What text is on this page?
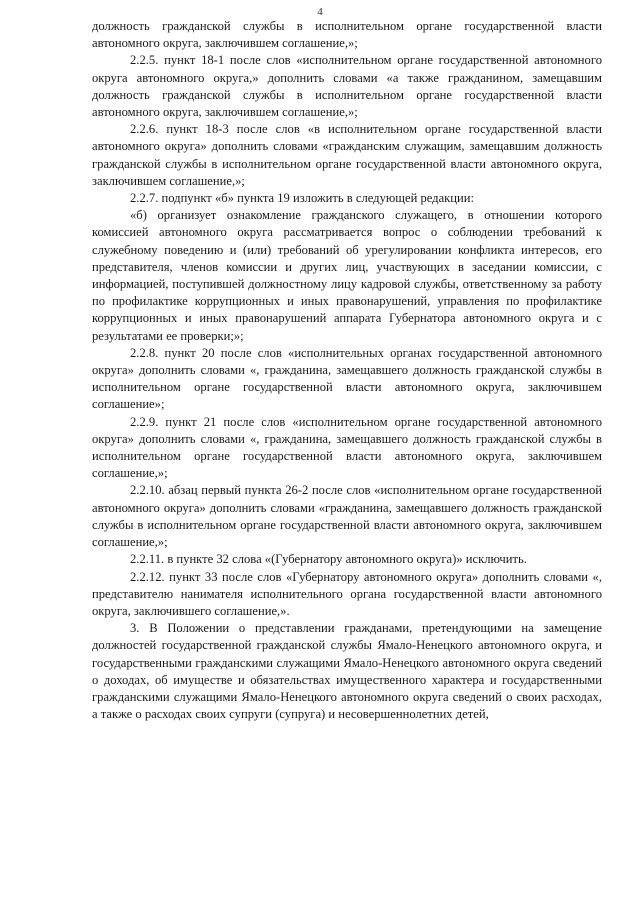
4

должность гражданской службы в исполнительном органе государственной власти автономного округа, заключившем соглашение,»;

2.2.5. пункт 18-1 после слов «исполнительном органе государственной автономного округа автономного округа,» дополнить словами «а также гражданином, замещавшим должность гражданской службы в исполнительном органе государственной власти автономного округа, заключившем соглашение,»;

2.2.6. пункт 18-3 после слов «в исполнительном органе государственной власти автономного округа» дополнить словами «гражданским служащим, замещавшим должность гражданской службы в исполнительном органе государственной власти автономного округа, заключившем соглашение,»;

2.2.7. подпункт «б» пункта 19 изложить в следующей редакции:

«б) организует ознакомление гражданского служащего, в отношении которого комиссией автономного округа рассматривается вопрос о соблюдении требований к служебному поведению и (или) требований об урегулировании конфликта интересов, его представителя, членов комиссии и других лиц, участвующих в заседании комиссии, с информацией, поступившей должностному лицу кадровой службы, ответственному за работу по профилактике коррупционных и иных правонарушений, управления по профилактике коррупционных и иных правонарушений аппарата Губернатора автономного округа и с результатами ее проверки;»;

2.2.8. пункт 20 после слов «исполнительных органах государственной автономного округа» дополнить словами «, гражданина, замещавшего должность гражданской службы в исполнительном органе государственной власти автономного округа, заключившем соглашение»;

2.2.9. пункт 21 после слов «исполнительном органе государственной автономного округа» дополнить словами «, гражданина, замещавшего должность гражданской службы в исполнительном органе государственной власти автономного округа, заключившем соглашение,»;

2.2.10. абзац первый пункта 26-2 после слов «исполнительном органе государственной автономного округа» дополнить словами «гражданина, замещавшего должность гражданской службы в исполнительном органе государственной власти автономного округа, заключившем соглашение,»;

2.2.11. в пункте 32 слова «(Губернатору автономного округа)» исключить.

2.2.12. пункт 33 после слов «Губернатору автономного округа» дополнить словами «, представителю нанимателя исполнительного органа государственной власти автономного округа, заключившего соглашение,».

3. В Положении о представлении гражданами, претендующими на замещение должностей государственной гражданской службы Ямало-Ненецкого автономного округа, и государственными гражданскими служащими Ямало-Ненецкого автономного округа сведений о доходах, об имуществе и обязательствах имущественного характера и государственными гражданскими служащими Ямало-Ненецкого автономного округа сведений о своих расходах, а также о расходах своих супруги (супруга) и несовершеннолетних детей,
